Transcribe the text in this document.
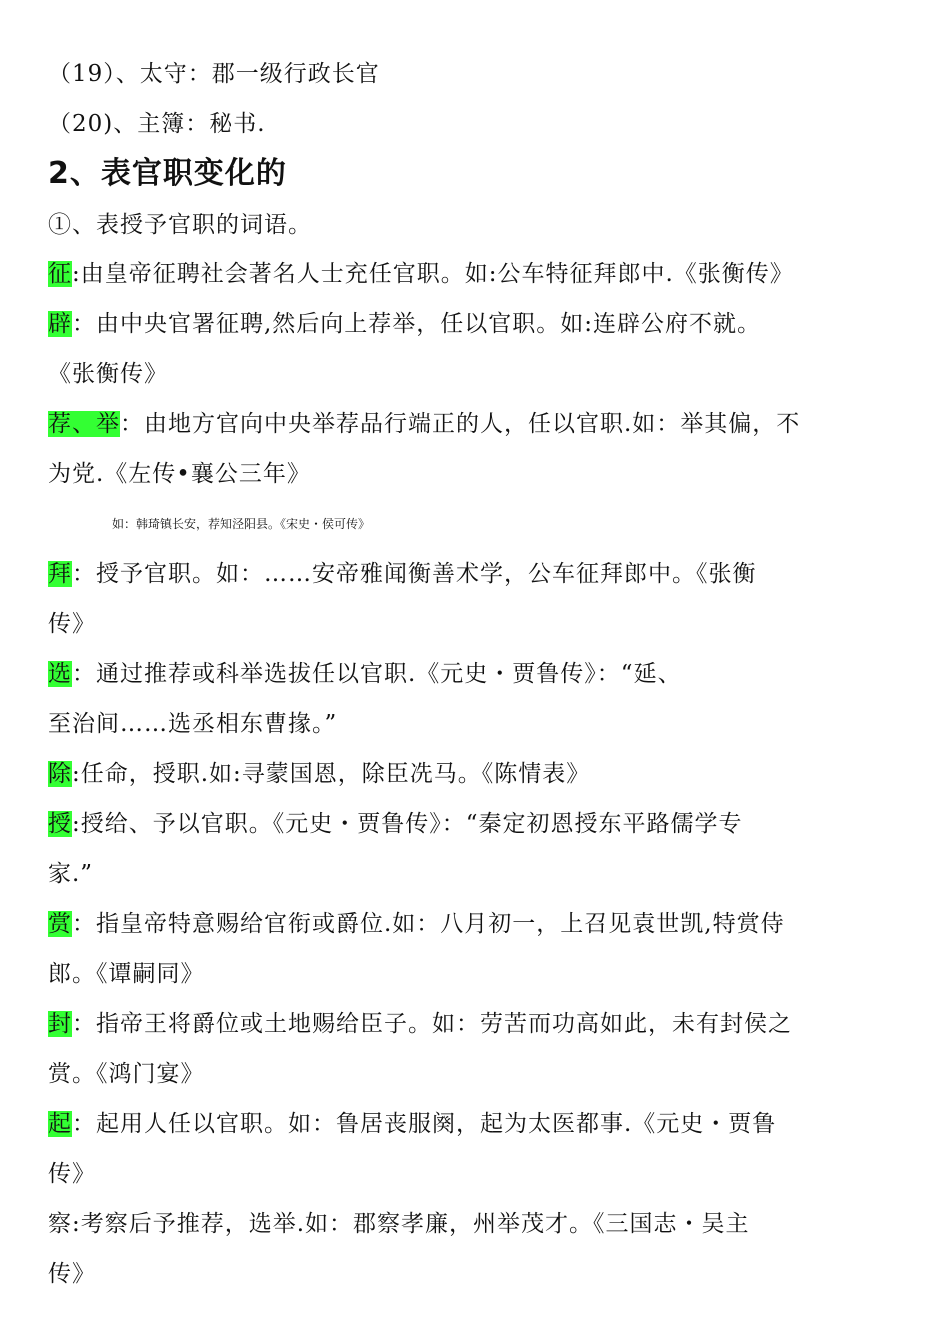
（19）、太守：郡一级行政长官
（20)、主簿：秘书.
2、表官职变化的
①、表授予官职的词语。
征:由皇帝征聘社会著名人士充任官职。如:公车特征拜郎中.《张衡传》
辟：由中央官署征聘,然后向上荐举，任以官职。如:连辟公府不就。
《张衡传》
荐、举：由地方官向中央举荐品行端正的人，任以官职.如：举其偏，不
为党.《左传•襄公三年》
如：韩琦镇长安，荐知泾阳县。《宋史・侯可传》
拜：授予官职。如：……安帝雅闻衡善术学，公车征拜郎中。《张衡
传》
选：通过推荐或科举选拔任以官职.《元史・贾鲁传》：“延、
至治间……选丞相东曹掾。”
除:任命，授职.如:寻蒙国恩，除臣冼马。《陈情表》
授:授给、予以官职。《元史・贾鲁传》：“秦定初恩授东平路儒学专
家.”
赏：指皇帝特意赐给官衔或爵位.如：八月初一，上召见袁世凯,特赏侍
郎。《谭嗣同》
封：指帝王将爵位或土地赐给臣子。如：劳苦而功高如此，未有封侯之
赏。《鸿门宴》
起：起用人任以官职。如：鲁居丧服阕，起为太医都事.《元史・贾鲁
传》
察:考察后予推荐，选举.如：郡察孝廉，州举茂才。《三国志・吴主
传》
